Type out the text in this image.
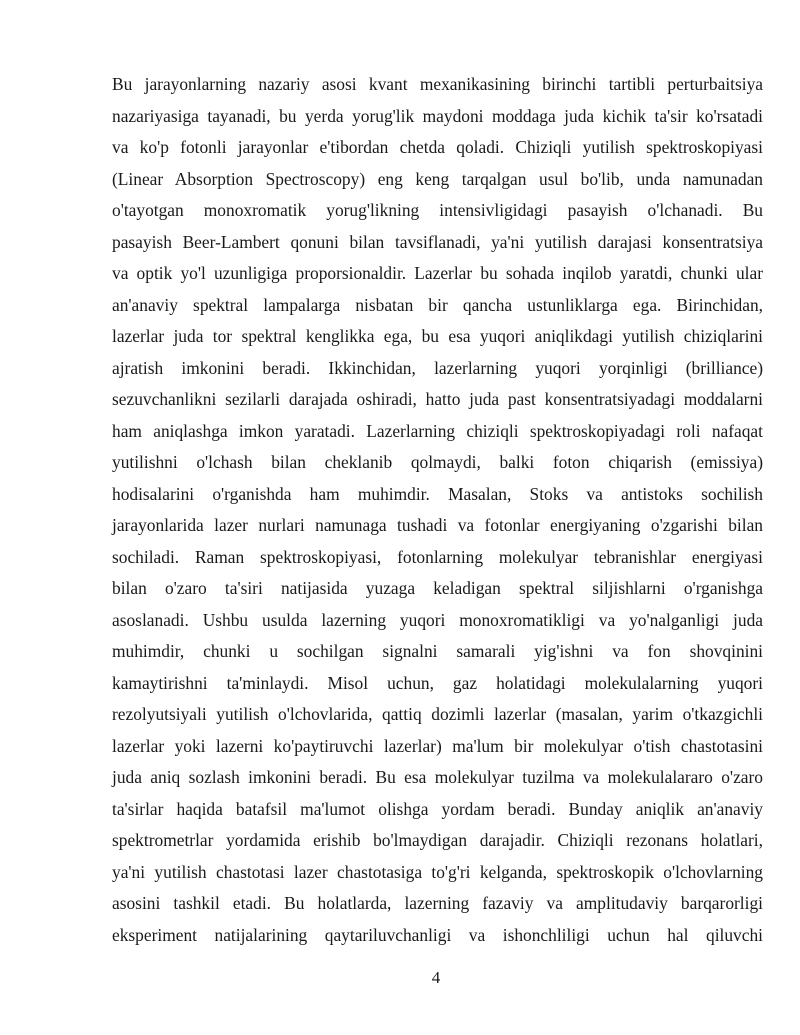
Bu jarayonlarning nazariy asosi kvant mexanikasining birinchi tartibli perturbaitsiya
nazariyasiga tayanadi, bu yerda yorug'lik maydoni moddaga juda kichik ta'sir ko'rsatadi
va ko'p fotonli jarayonlar e'tibordan chetda qoladi. Chiziqli yutilish spektroskopiyasi
(Linear Absorption Spectroscopy) eng keng tarqalgan usul bo'lib, unda namunadan
o'tayotgan monoxromatik yorug'likning intensivligidagi pasayish o'lchanadi. Bu
pasayish Beer-Lambert qonuni bilan tavsiflanadi, ya'ni yutilish darajasi konsentratsiya
va optik yo'l uzunligiga proporsionaldir. Lazerlar bu sohada inqilob yaratdi, chunki ular
an'anaviy spektral lampalarga nisbatan bir qancha ustunliklarga ega. Birinchidan,
lazerlar juda tor spektral kenglikka ega, bu esa yuqori aniqlikdagi yutilish chiziqlarini
ajratish imkonini beradi. Ikkinchidan, lazerlarning yuqori yorqinligi (brilliance)
sezuvchanlikni sezilarli darajada oshiradi, hatto juda past konsentratsiyadagi moddalarni
ham aniqlashga imkon yaratadi. Lazerlarning chiziqli spektroskopiyadagi roli nafaqat
yutilishni o'lchash bilan cheklanib qolmaydi, balki foton chiqarish (emissiya)
hodisalarini o'rganishda ham muhimdir. Masalan, Stoks va antistoks sochilish
jarayonlarida lazer nurlari namunaga tushadi va fotonlar energiyaning o'zgarishi bilan
sochiladi. Raman spektroskopiyasi, fotonlarning molekulyar tebranishlar energiyasi
bilan o'zaro ta'siri natijasida yuzaga keladigan spektral siljishlarni o'rganishga
asoslanadi. Ushbu usulda lazerning yuqori monoxromatikligi va yo'nalganligi juda
muhimdir, chunki u sochilgan signalni samarali yig'ishni va fon shovqinini
kamaytirishni ta'minlaydi. Misol uchun, gaz holatidagi molekulalarning yuqori
rezolyutsiyali yutilish o'lchovlarida, qattiq dozimli lazerlar (masalan, yarim o'tkazgichli
lazerlar yoki lazerni ko'paytiruvchi lazerlar) ma'lum bir molekulyar o'tish chastotasini
juda aniq sozlash imkonini beradi. Bu esa molekulyar tuzilma va molekulalararo o'zaro
ta'sirlar haqida batafsil ma'lumot olishga yordam beradi. Bunday aniqlik an'anaviy
spektrometrlar yordamida erishib bo'lmaydigan darajadir. Chiziqli rezonans holatlari,
ya'ni yutilish chastotasi lazer chastotasiga to'g'ri kelganda, spektroskopik o'lchovlarning
asosini tashkil etadi. Bu holatlarda, lazerning fazaviy va amplitudaviy barqarorligi
eksperiment natijalarining qaytariluvchanligi va ishonchliligi uchun hal qiluvchi
4
